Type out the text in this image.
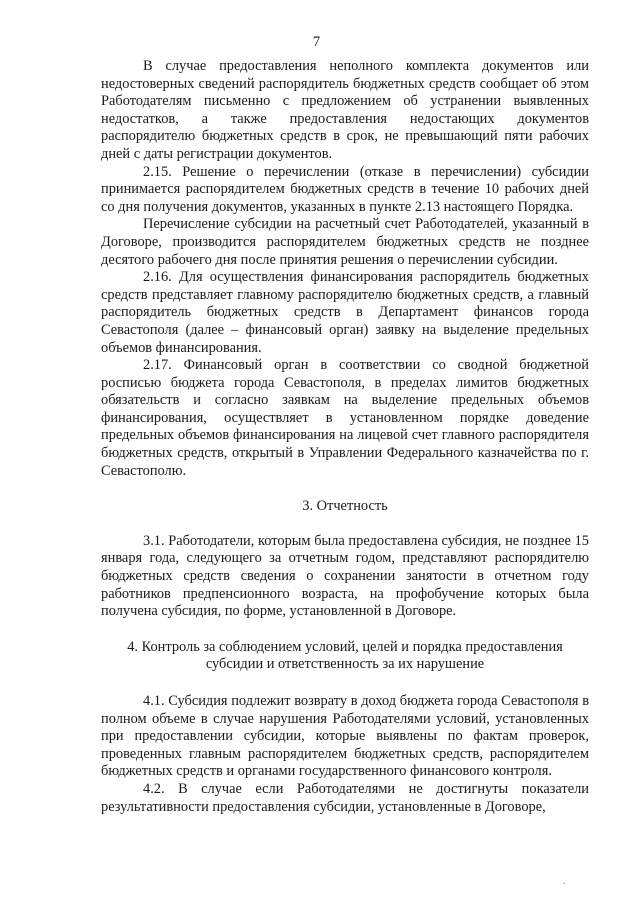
7

В случае предоставления неполного комплекта документов или недостоверных сведений распорядитель бюджетных средств сообщает об этом Работодателям письменно с предложением об устранении выявленных недостатков, а также предоставления недостающих документов распорядителю бюджетных средств в срок, не превышающий пяти рабочих дней с даты регистрации документов.

2.15. Решение о перечислении (отказе в перечислении) субсидии принимается распорядителем бюджетных средств в течение 10 рабочих дней со дня получения документов, указанных в пункте 2.13 настоящего Порядка.

Перечисление субсидии на расчетный счет Работодателей, указанный в Договоре, производится распорядителем бюджетных средств не позднее десятого рабочего дня после принятия решения о перечислении субсидии.

2.16. Для осуществления финансирования распорядитель бюджетных средств представляет главному распорядителю бюджетных средств, а главный распорядитель бюджетных средств в Департамент финансов города Севастополя (далее – финансовый орган) заявку на выделение предельных объемов финансирования.

2.17. Финансовый орган в соответствии со сводной бюджетной росписью бюджета города Севастополя, в пределах лимитов бюджетных обязательств и согласно заявкам на выделение предельных объемов финансирования, осуществляет в установленном порядке доведение предельных объемов финансирования на лицевой счет главного распорядителя бюджетных средств, открытый в Управлении Федерального казначейства по г. Севастополю.

3. Отчетность

3.1. Работодатели, которым была предоставлена субсидия, не позднее 15 января года, следующего за отчетным годом, представляют распорядителю бюджетных средств сведения о сохранении занятости в отчетном году работников предпенсионного возраста, на профобучение которых была получена субсидия, по форме, установленной в Договоре.

4. Контроль за соблюдением условий, целей и порядка предоставления

субсидии и ответственность за их нарушение

4.1. Субсидия подлежит возврату в доход бюджета города Севастополя в полном объеме в случае нарушения Работодателями условий, установленных при предоставлении субсидии, которые выявлены по фактам проверок, проведенных главным распорядителем бюджетных средств, распорядителем бюджетных средств и органами государственного финансового контроля.

4.2. В случае если Работодателями не достигнуты показатели результативности предоставления субсидии, установленные в Договоре,

.
